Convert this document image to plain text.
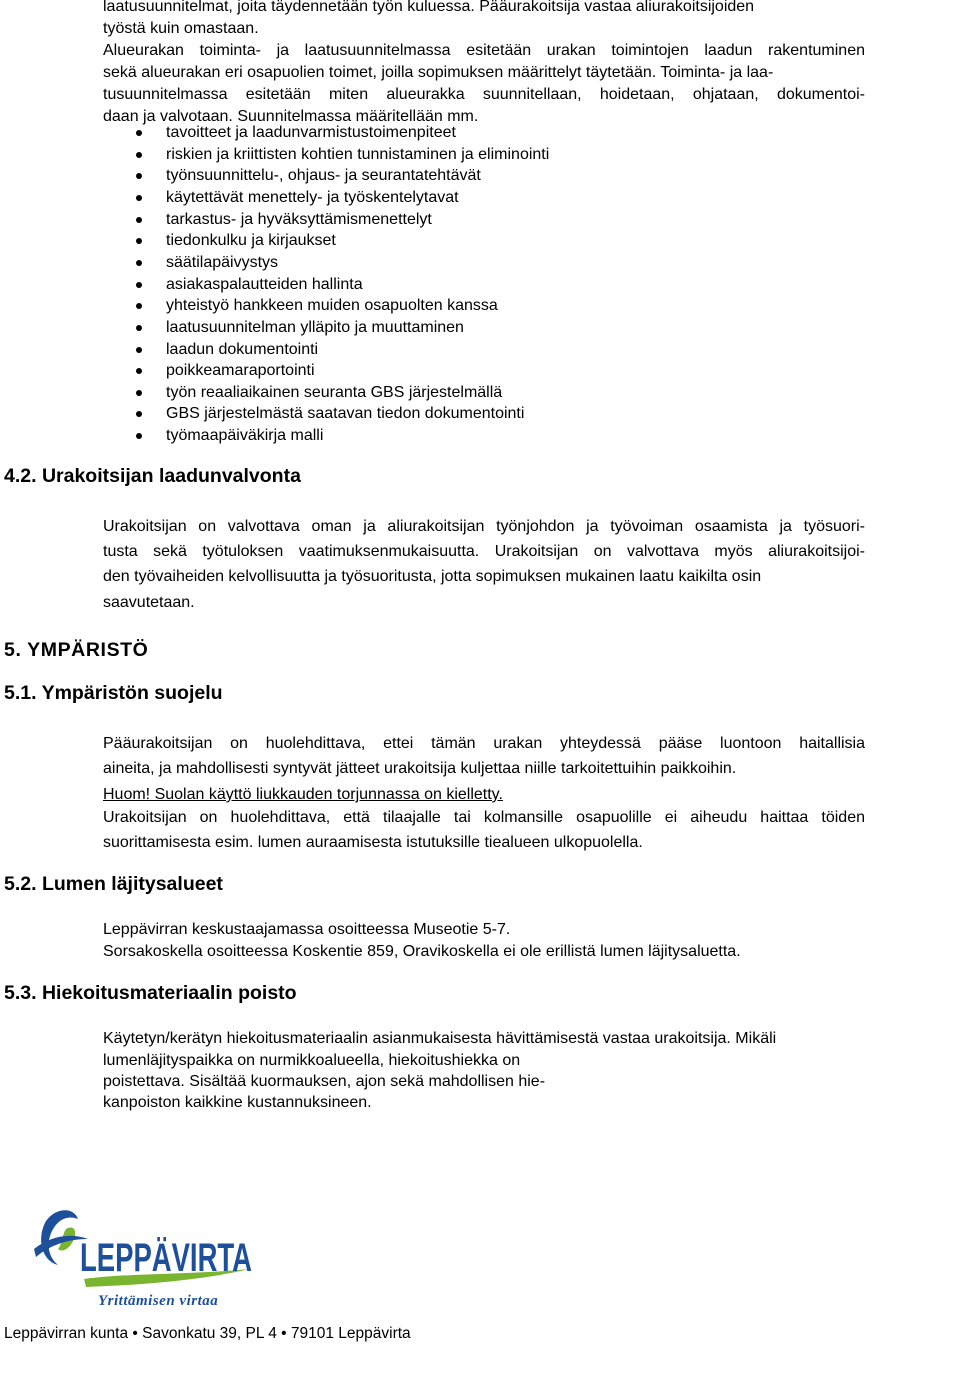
laatusuunnitelmat, joita täydennetään työn kuluessa. Pääurakoitsija vastaa aliurakoitsijoiden
työstä kuin omastaan.
Alueurakan toiminta- ja laatusuunnitelmassa esitetään urakan toimintojen laadun rakentuminen
sekä alueurakan eri osapuolien toimet, joilla sopimuksen määrittelyt täytetään. Toiminta- ja laa-
tusuunnitelmassa esitetään miten alueurakka suunnitellaan, hoidetaan, ohjataan, dokumentoi-
daan ja valvotaan. Suunnitelmassa määritellään mm.
tavoitteet ja laadunvarmistustoimenpiteet
riskien ja kriittisten kohtien tunnistaminen ja eliminointi
työnsuunnittelu-, ohjaus- ja seurantatehtävät
käytettävät menettely- ja työskentelytavat
tarkastus- ja hyväksyttämismenettelyt
tiedonkulku ja kirjaukset
säätilapäivystys
asiakaspalautteiden hallinta
yhteistyö hankkeen muiden osapuolten kanssa
laatusuunnitelman ylläpito ja muuttaminen
laadun dokumentointi
poikkeamaraportointi
työn reaaliaikainen seuranta GBS järjestelmällä
GBS järjestelmästä saatavan tiedon dokumentointi
työmaapäiväkirja malli
4.2. Urakoitsijan laadunvalvonta
Urakoitsijan on valvottava oman ja aliurakoitsijan työnjohdon ja työvoiman osaamista ja työsuori-
tusta sekä työtuloksen vaatimuksenmukaisuutta. Urakoitsijan on valvottava myös aliurakoitsijoi-
den työvaiheiden kelvollisuutta ja työsuoritusta, jotta sopimuksen mukainen laatu kaikilta osin
saavutetaan.
5. YMPÄRISTÖ
5.1. Ympäristön suojelu
Pääurakoitsijan on huolehdittava, ettei tämän urakan yhteydessä pääse luontoon haitallisia
aineita, ja mahdollisesti syntyvät jätteet urakoitsija kuljettaa niille tarkoitettuihin paikkoihin.
Huom! Suolan käyttö liukkauden torjunnassa on kielletty.
Urakoitsijan on huolehdittava, että tilaajalle tai kolmansille osapuolille ei aiheudu haittaa töiden
suorittamisesta esim. lumen auraamisesta istutuksille tiealueen ulkopuolella.
5.2. Lumen läjitysalueet
Leppävirran keskustaajamassa osoitteessa Museotie 5-7.
Sorsakoskella osoitteessa Koskentie 859, Oravikoskella ei ole erillistä lumen läjitysaluetta.
5.3. Hiekoitusmateriaalin poisto
Käytetyn/kerätyn hiekoitusmateriaalin asianmukaisesta hävittämisestä vastaa urakoitsija. Mikäli
lumenläjityspaikka on nurmikkoalueella, hiekoitushiekka on
poistettava. Sisältää kuormauksen, ajon sekä mahdollisen hie-
kanpoiston kaikkine kustannuksineen.
LEPPÄVIRTA
Yrittämisen virtaa
Leppävirran kunta • Savonkatu 39, PL 4 • 79101 Leppävirta
